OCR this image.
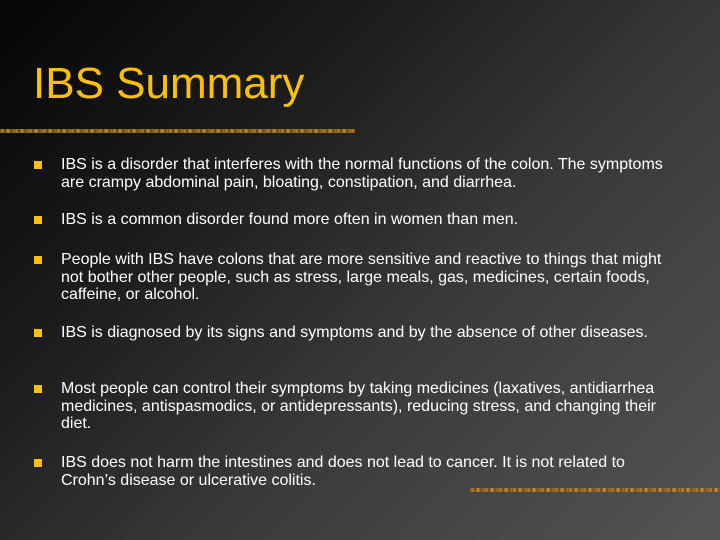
IBS Summary
IBS is a disorder that interferes with the normal functions of the colon. The symptoms are crampy abdominal pain, bloating, constipation, and diarrhea.
IBS is a common disorder found more often in women than men.
People with IBS have colons that are more sensitive and reactive to things that might not bother other people, such as stress, large meals, gas, medicines, certain foods, caffeine, or alcohol.
IBS is diagnosed by its signs and symptoms and by the absence of other diseases.
Most people can control their symptoms by taking medicines (laxatives, antidiarrhea medicines, antispasmodics, or antidepressants), reducing stress, and changing their diet.
IBS does not harm the intestines and does not lead to cancer. It is not related to Crohn’s disease or ulcerative colitis.
